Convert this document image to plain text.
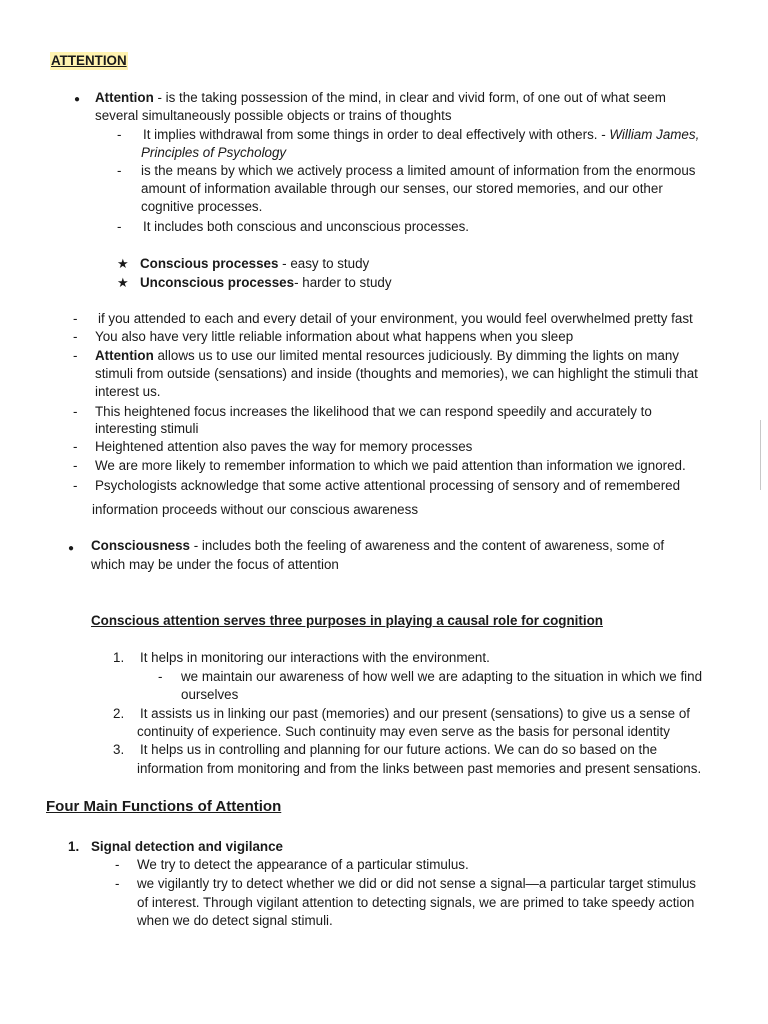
ATTENTION
● Attention - is the taking possession of the mind, in clear and vivid form, of one out of what seem
several simultaneously possible objects or trains of thoughts
- It implies withdrawal from some things in order to deal effectively with others. - William James,
Principles of Psychology
- is the means by which we actively process a limited amount of information from the enormous
amount of information available through our senses, our stored memories, and our other
cognitive processes.
- It includes both conscious and unconscious processes.
★ Conscious processes - easy to study
★ Unconscious processes- harder to study
- if you attended to each and every detail of your environment, you would feel overwhelmed pretty fast
- You also have very little reliable information about what happens when you sleep
- Attention allows us to use our limited mental resources judiciously. By dimming the lights on many
stimuli from outside (sensations) and inside (thoughts and memories), we can highlight the stimuli that
interest us.
- This heightened focus increases the likelihood that we can respond speedily and accurately to
interesting stimuli
- Heightened attention also paves the way for memory processes
- We are more likely to remember information to which we paid attention than information we ignored.
- Psychologists acknowledge that some active attentional processing of sensory and of remembered
information proceeds without our conscious awareness
● Consciousness - includes both the feeling of awareness and the content of awareness, some of
which may be under the focus of attention
Conscious attention serves three purposes in playing a causal role for cognition
1. It helps in monitoring our interactions with the environment.
- we maintain our awareness of how well we are adapting to the situation in which we find
ourselves
2. It assists us in linking our past (memories) and our present (sensations) to give us a sense of
continuity of experience. Such continuity may even serve as the basis for personal identity
3. It helps us in controlling and planning for our future actions. We can do so based on the
information from monitoring and from the links between past memories and present sensations.
Four Main Functions of Attention
1. Signal detection and vigilance
- We try to detect the appearance of a particular stimulus.
- we vigilantly try to detect whether we did or did not sense a signal—a particular target stimulus
of interest. Through vigilant attention to detecting signals, we are primed to take speedy action
when we do detect signal stimuli.
